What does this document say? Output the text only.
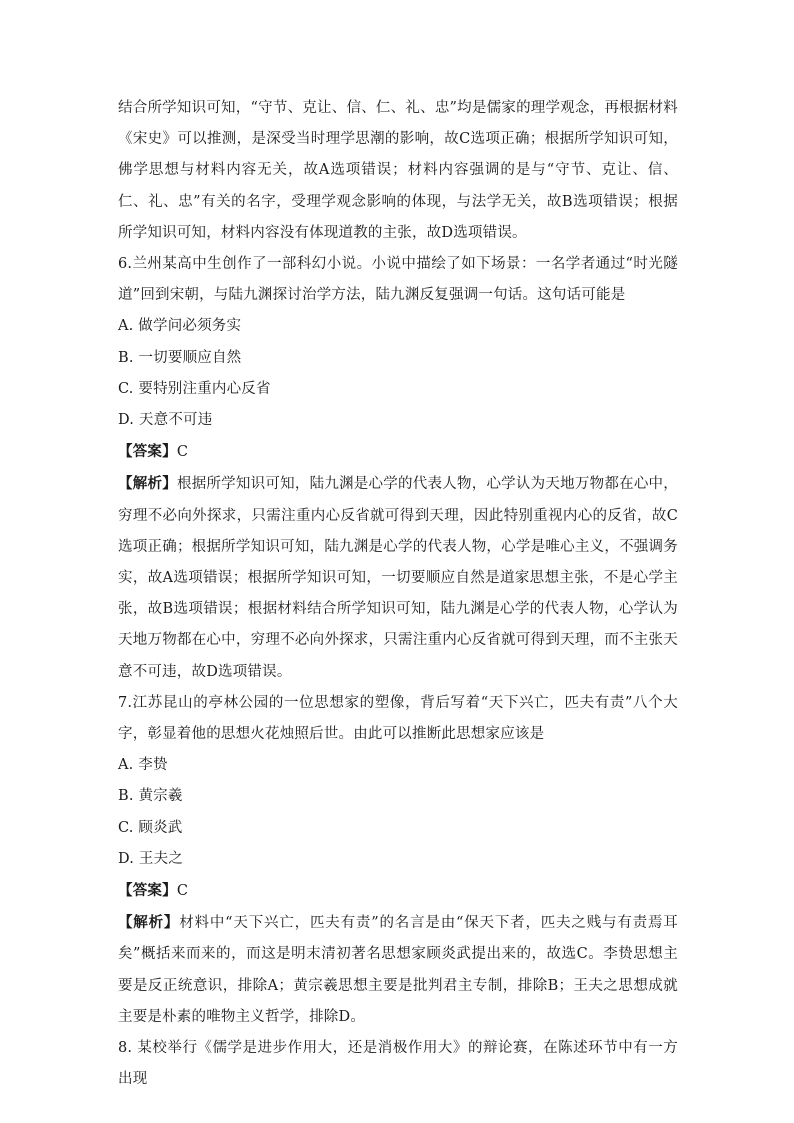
结合所学知识可知，“守节、克让、信、仁、礼、忠”均是儒家的理学观念，再根据材料《宋史》可以推测，是深受当时理学思潮的影响，故C选项正确；根据所学知识可知，佛学思想与材料内容无关，故A选项错误；材料内容强调的是与“守节、克让、信、仁、礼、忠”有关的名字，受理学观念影响的体现，与法学无关，故B选项错误；根据所学知识可知，材料内容没有体现道教的主张，故D选项错误。

6.兰州某高中生创作了一部科幻小说。小说中描绘了如下场景：一名学者通过“时光隧道”回到宋朝，与陆九渊探讨治学方法，陆九渊反复强调一句话。这句话可能是

A. 做学问必须务实

B. 一切要顺应自然

C. 要特别注重内心反省

D. 天意不可违

【答案】C

【解析】根据所学知识可知，陆九渊是心学的代表人物，心学认为天地万物都在心中，穷理不必向外探求，只需注重内心反省就可得到天理，因此特别重视内心的反省，故C选项正确；根据所学知识可知，陆九渊是心学的代表人物，心学是唯心主义，不强调务实，故A选项错误；根据所学知识可知，一切要顺应自然是道家思想主张，不是心学主张，故B选项错误；根据材料结合所学知识可知，陆九渊是心学的代表人物，心学认为天地万物都在心中，穷理不必向外探求，只需注重内心反省就可得到天理，而不主张天意不可违，故D选项错误。

7.江苏昆山的亭林公园的一位思想家的塑像，背后写着“天下兴亡，匹夫有责”八个大字，彰显着他的思想火花烛照后世。由此可以推断此思想家应该是

A. 李贽

B. 黄宗羲

C. 顾炎武

D. 王夫之

【答案】C

【解析】材料中“天下兴亡，匹夫有责”的名言是由“保天下者，匹夫之贱与有责焉耳矣”概括来而来的，而这是明末清初著名思想家顾炎武提出来的，故选C。李贽思想主要是反正统意识，排除A；黄宗羲思想主要是批判君主专制，排除B；王夫之思想成就主要是朴素的唯物主义哲学，排除D。

8. 某校举行《儒学是进步作用大，还是消极作用大》的辩论赛，在陈述环节中有一方出现
